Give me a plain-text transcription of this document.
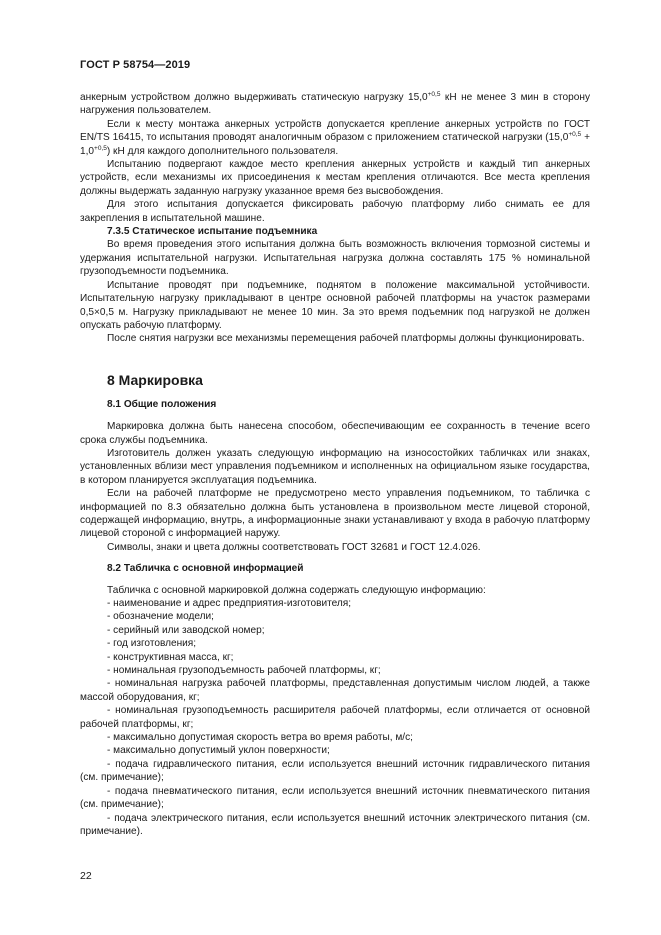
ГОСТ Р 58754—2019

анкерным устройством должно выдерживать статическую нагрузку $15,0^{+0,5}$ кН не менее 3 мин в сторону нагружения пользователем.

Если к месту монтажа анкерных устройств допускается крепление анкерных устройств по ГОСТ EN/TS 16415, то испытания проводят аналогичным образом с приложением статической нагрузки $(15,0^{+0,5} + 1,0^{+0,5})$ кН для каждого дополнительного пользователя.

Испытанию подвергают каждое место крепления анкерных устройств и каждый тип анкерных устройств, если механизмы их присоединения к местам крепления отличаются. Все места крепления должны выдержать заданную нагрузку указанное время без высвобождения.

Для этого испытания допускается фиксировать рабочую платформу либо снимать ее для закрепления в испытательной машине.

7.3.5 Статическое испытание подъемника

Во время проведения этого испытания должна быть возможность включения тормозной системы и удержания испытательной нагрузки. Испытательная нагрузка должна составлять 175 % номинальной грузоподъемности подъемника.

Испытание проводят при подъемнике, поднятом в положение максимальной устойчивости. Испытательную нагрузку прикладывают в центре основной рабочей платформы на участок размерами 0,5×0,5 м. Нагрузку прикладывают не менее 10 мин. За это время подъемник под нагрузкой не должен опускать рабочую платформу.

После снятия нагрузки все механизмы перемещения рабочей платформы должны функционировать.

8 Маркировка
8.1 Общие положения

Маркировка должна быть нанесена способом, обеспечивающим ее сохранность в течение всего срока службы подъемника.

Изготовитель должен указать следующую информацию на износостойких табличках или знаках, установленных вблизи мест управления подъемником и исполненных на официальном языке государства, в котором планируется эксплуатация подъемника.

Если на рабочей платформе не предусмотрено место управления подъемником, то табличка с информацией по 8.3 обязательно должна быть установлена в произвольном месте лицевой стороной, содержащей информацию, внутрь, а информационные знаки устанавливают у входа в рабочую платформу лицевой стороной с информацией наружу.

Символы, знаки и цвета должны соответствовать ГОСТ 32681 и ГОСТ 12.4.026.

8.2 Табличка с основной информацией

Табличка с основной маркировкой должна содержать следующую информацию:

- наименование и адрес предприятия-изготовителя;

- обозначение модели;

- серийный или заводской номер;

- год изготовления;

- конструктивная масса, кг;

- номинальная грузоподъемность рабочей платформы, кг;

- номинальная нагрузка рабочей платформы, представленная допустимым числом людей, а также массой оборудования, кг;

- номинальная грузоподъемность расширителя рабочей платформы, если отличается от основной рабочей платформы, кг;

- максимально допустимая скорость ветра во время работы, м/с;

- максимально допустимый уклон поверхности;

- подача гидравлического питания, если используется внешний источник гидравлического питания (см. примечание);

- подача пневматического питания, если используется внешний источник пневматического питания (см. примечание);

- подача электрического питания, если используется внешний источник электрического питания (см. примечание).

22
